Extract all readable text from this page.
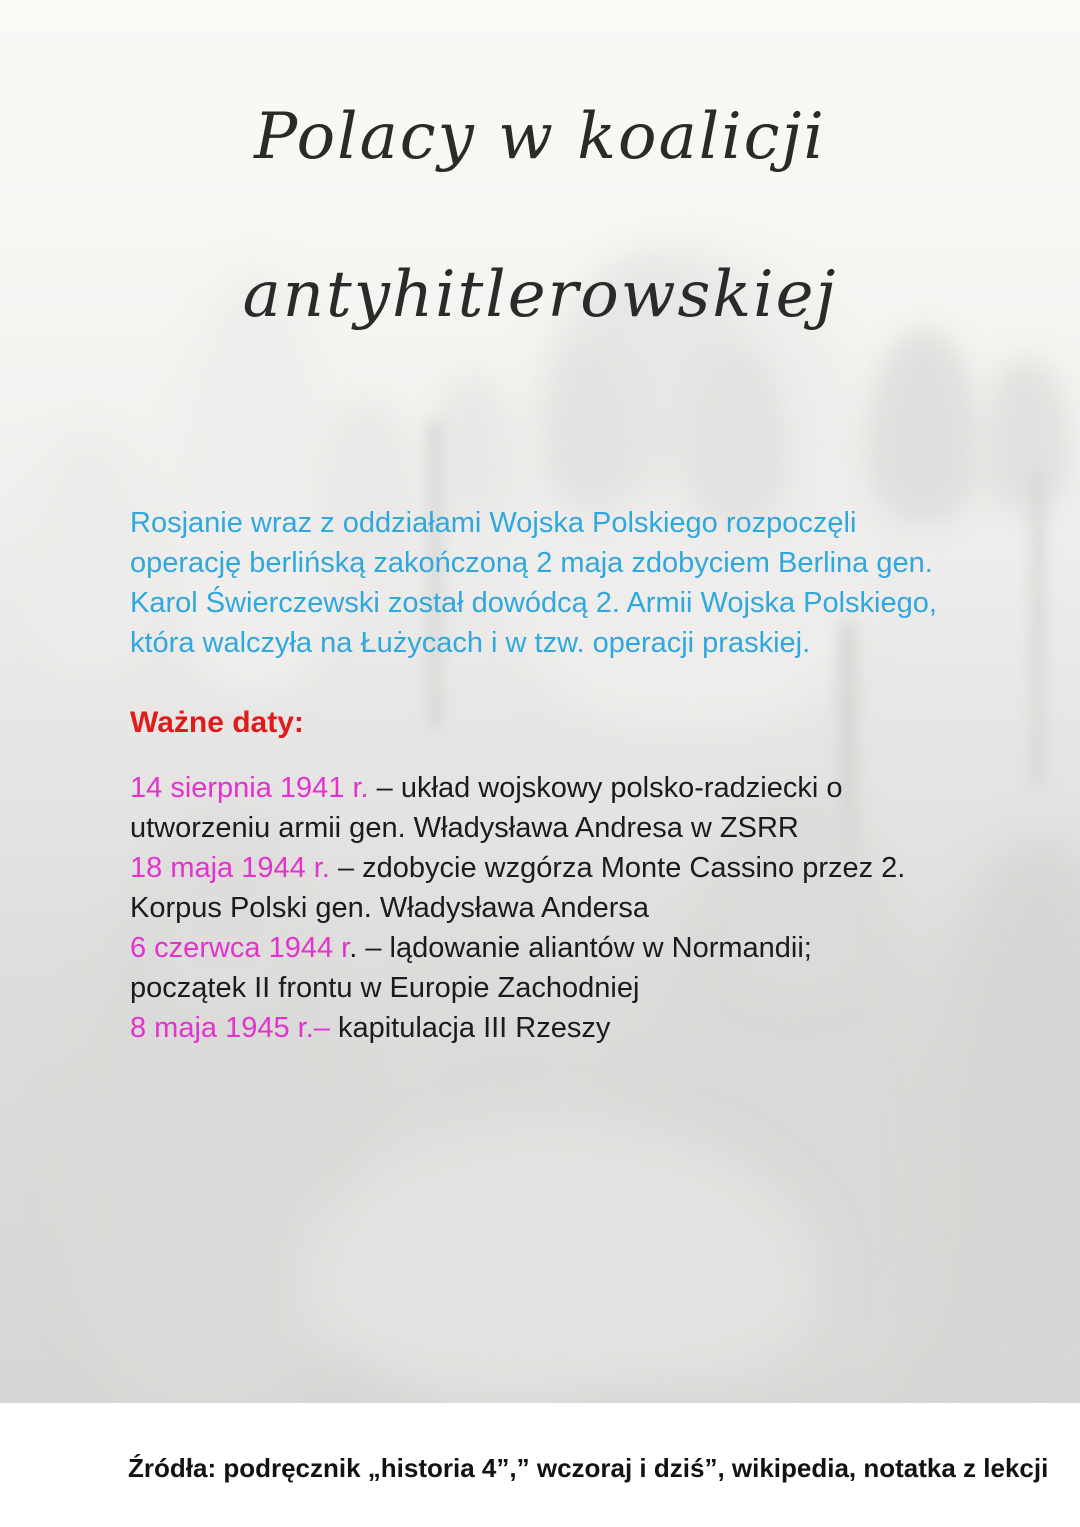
Polacy w koalicji
antyhitlerowskiej
Rosjanie wraz z oddziałami Wojska Polskiego rozpoczęli
operację berlińską zakończoną 2 maja zdobyciem Berlina gen.
Karol Świerczewski został dowódcą 2. Armii Wojska Polskiego,
która walczyła na Łużycach i w tzw. operacji praskiej.
Ważne daty:
14 sierpnia 1941 r. – układ wojskowy polsko-radziecki o
utworzeniu armii gen. Władysława Andresa w ZSRR
18 maja 1944 r. – zdobycie wzgórza Monte Cassino przez 2.
Korpus Polski gen. Władysława Andersa
6 czerwca 1944 r. – lądowanie aliantów w Normandii;
początek II frontu w Europie Zachodniej
8 maja 1945 r.– kapitulacja III Rzeszy

Źródła: podręcznik „historia 4”,” wczoraj i dziś”, wikipedia, notatka z lekcji
